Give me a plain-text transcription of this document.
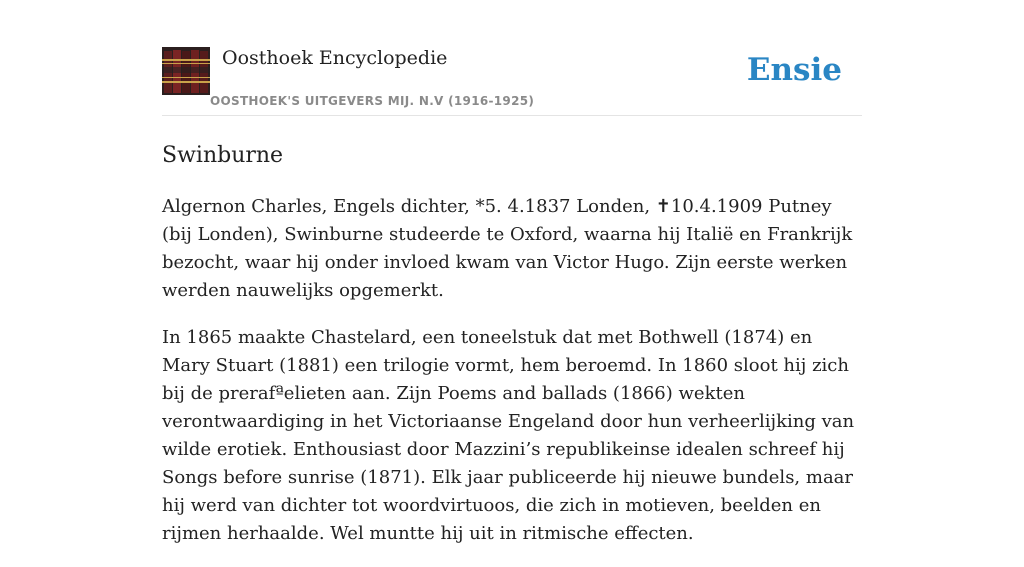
Oosthoek Encyclopedie
OOSTHOEK'S UITGEVERS MIJ. N.V (1916-1925)
Ensie
Swinburne

Algernon Charles, Engels dichter, *5. 4.1837 Londen, ✝10.4.1909 Putney (bij Londen), Swinburne studeerde te Oxford, waarna hij Italië en Frankrijk bezocht, waar hij onder invloed kwam van Victor Hugo. Zijn eerste werken werden nauwelijks opgemerkt.

In 1865 maakte Chastelard, een toneelstuk dat met Bothwell (1874) en Mary Stuart (1881) een trilogie vormt, hem beroemd. In 1860 sloot hij zich bij de prerafªelieten aan. Zijn Poems and ballads (1866) wekten verontwaardiging in het Victoriaanse Engeland door hun verheerlijking van wilde erotiek. Enthousiast door Mazzini’s republikeinse idealen schreef hij Songs before sunrise (1871). Elk jaar publiceerde hij nieuwe bundels, maar hij werd van dichter tot woordvirtuoos, die zich in motieven, beelden en rijmen herhaalde. Wel muntte hij uit in ritmische effecten.
